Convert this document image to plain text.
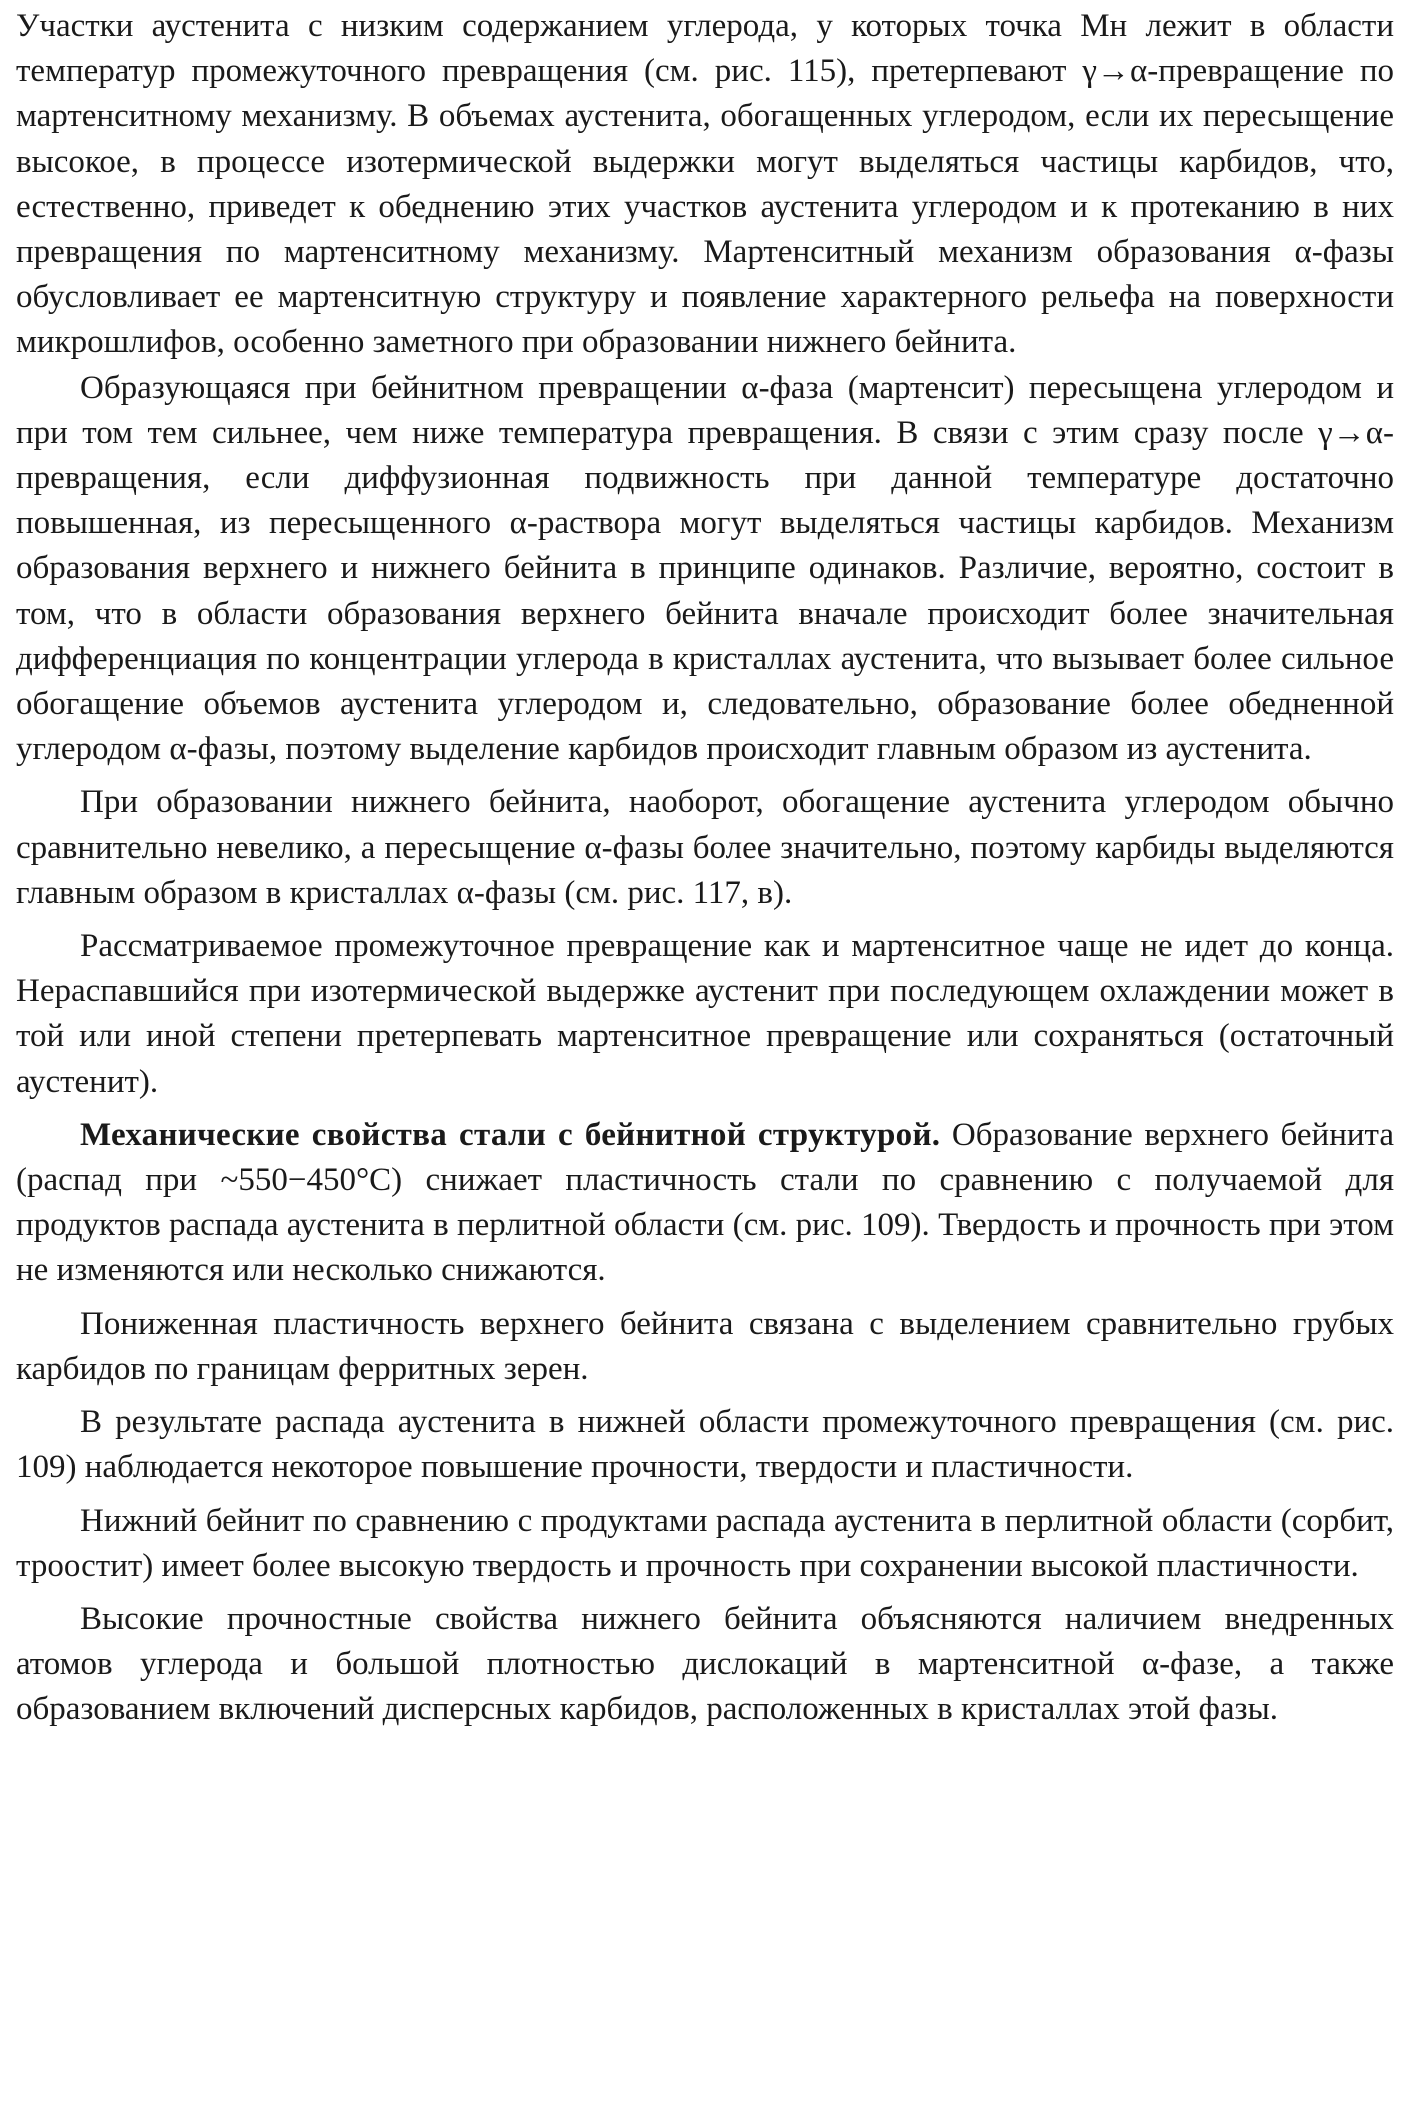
Участки аустенита с низким содержанием углерода, у которых точка Mн лежит в области температур промежуточного превращения (см. рис. 115), претерпевают γ→α-превращение по мартенситному механизму. В объемах аустенита, обогащенных углеродом, если их пересыщение высокое, в процессе изотермической выдержки могут выделяться частицы карбидов, что, естественно, приведет к обеднению этих участков аустенита углеродом и к протеканию в них превращения по мартенситному механизму. Мартенситный механизм образования α-фазы обусловливает ее мартенситную структуру и появление характерного рельефа на поверхности микрошлифов, особенно заметного при образовании нижнего бейнита.

Образующаяся при бейнитном превращении α-фаза (мартенсит) пересыщена углеродом и при том тем сильнее, чем ниже температура превращения. В связи с этим сразу после γ→α-превращения, если диффузионная подвижность при данной температуре достаточно повышенная, из пересыщенного α-раствора могут выделяться частицы карбидов. Механизм образования верхнего и нижнего бейнита в принципе одинаков. Различие, вероятно, состоит в том, что в области образования верхнего бейнита вначале происходит более значительная дифференциация по концентрации углерода в кристаллах аустенита, что вызывает более сильное обогащение объемов аустенита углеродом и, следовательно, образование более обедненной углеродом α-фазы, поэтому выделение карбидов происходит главным образом из аустенита.

При образовании нижнего бейнита, наоборот, обогащение аустенита углеродом обычно сравнительно невелико, а пересыщение α-фазы более значительно, поэтому карбиды выделяются главным образом в кристаллах α-фазы (см. рис. 117, в).

Рассматриваемое промежуточное превращение как и мартенситное чаще не идет до конца. Нераспавшийся при изотермической выдержке аустенит при последующем охлаждении может в той или иной степени претерпевать мартенситное превращение или сохраняться (остаточный аустенит).

Механические свойства стали с бейнитной структурой. Образование верхнего бейнита (распад при ~550−450°C) снижает пластичность стали по сравнению с получаемой для продуктов распада аустенита в перлитной области (см. рис. 109). Твердость и прочность при этом не изменяются или несколько снижаются.

Пониженная пластичность верхнего бейнита связана с выделением сравнительно грубых карбидов по границам ферритных зерен.

В результате распада аустенита в нижней области промежуточного превращения (см. рис. 109) наблюдается некоторое повышение прочности, твердости и пластичности.

Нижний бейнит по сравнению с продуктами распада аустенита в перлитной области (сорбит, троостит) имеет более высокую твердость и прочность при сохранении высокой пластичности.

Высокие прочностные свойства нижнего бейнита объясняются наличием внедренных атомов углерода и большой плотностью дислокаций в мартенситной α-фазе, а также образованием включений дисперсных карбидов, расположенных в кристаллах этой фазы.
